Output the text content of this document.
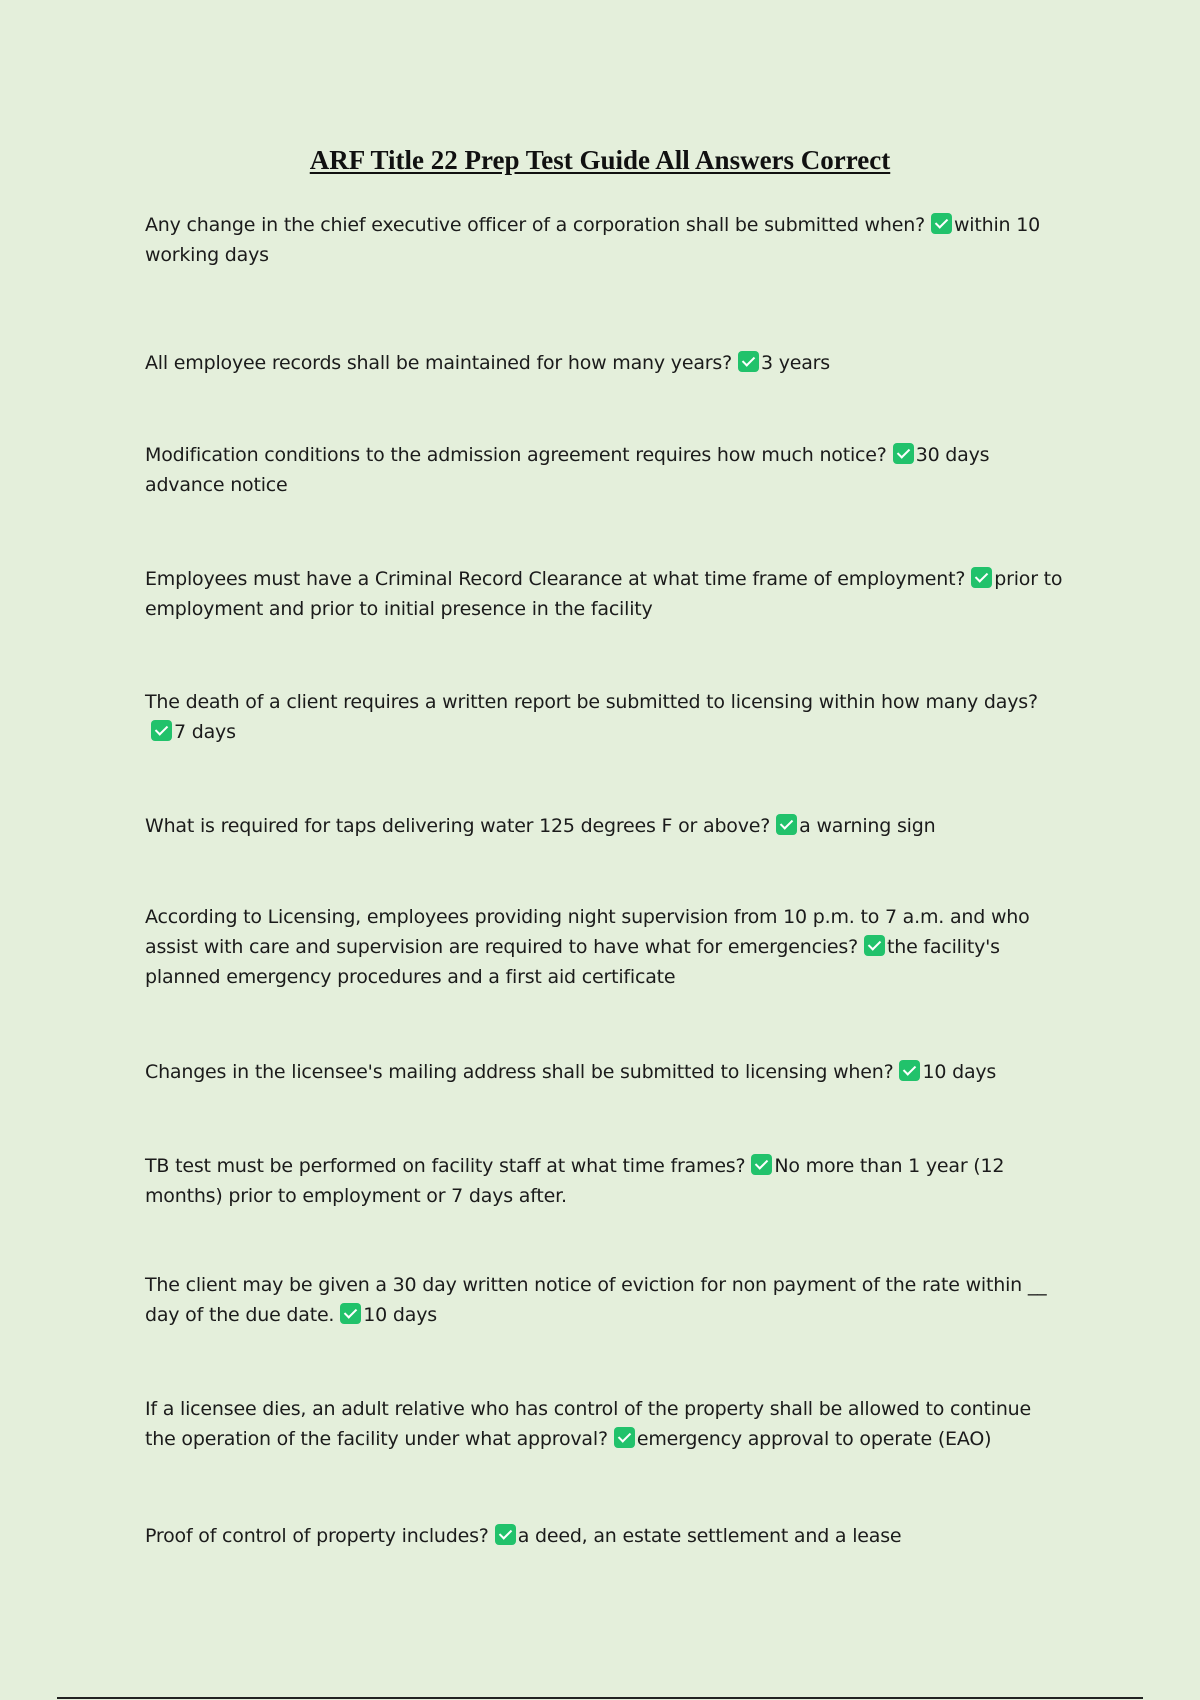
ARF Title 22 Prep Test Guide All Answers Correct

Any change in the chief executive officer of a corporation shall be submitted when? within 10 working days

All employee records shall be maintained for how many years? 3 years

Modification conditions to the admission agreement requires how much notice? 30 days advance notice

Employees must have a Criminal Record Clearance at what time frame of employment? prior to employment and prior to initial presence in the facility

The death of a client requires a written report be submitted to licensing within how many days?7 days

What is required for taps delivering water 125 degrees F or above? a warning sign

According to Licensing, employees providing night supervision from 10 p.m. to 7 a.m. and who assist with care and supervision are required to have what for emergencies? the facility's planned emergency procedures and a first aid certificate

Changes in the licensee's mailing address shall be submitted to licensing when? 10 days

TB test must be performed on facility staff at what time frames? No more than 1 year (12 months) prior to employment or 7 days after.

The client may be given a 30 day written notice of eviction for non payment of the rate within __ day of the due date. 10 days

If a licensee dies, an adult relative who has control of the property shall be allowed to continue the operation of the facility under what approval? emergency approval to operate (EAO)

Proof of control of property includes? a deed, an estate settlement and a lease
